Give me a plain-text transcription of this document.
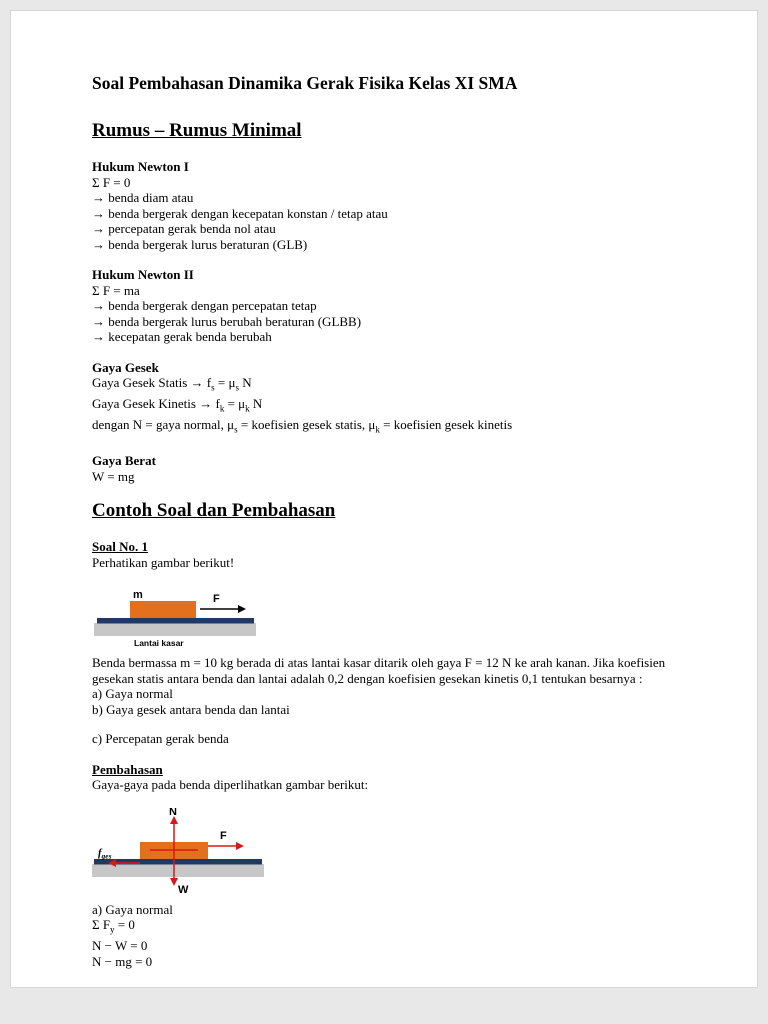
Soal Pembahasan Dinamika Gerak Fisika Kelas XI SMA
Rumus – Rumus Minimal

Hukum Newton I

Σ F = 0

→ benda diam atau

→ benda bergerak dengan kecepatan konstan / tetap atau

→ percepatan gerak benda nol atau

→ benda bergerak lurus beraturan (GLB)

Hukum Newton II

Σ F = ma

→ benda bergerak dengan percepatan tetap

→ benda bergerak lurus berubah beraturan (GLBB)

→ kecepatan gerak benda berubah

Gaya Gesek

Gaya Gesek Statis → $f_s = \mu_s$ N

Gaya Gesek Kinetis → $f_k = \mu_k$ N

dengan N = gaya normal, $\mu_s$ = koefisien gesek statis, $\mu_k$ = koefisien gesek kinetis

Gaya Berat

W = mg

Contoh Soal dan Pembahasan

Soal No. 1

Perhatikan gambar berikut!

m	F
Lantai kasar

Benda bermassa m = 10 kg berada di atas lantai kasar ditarik oleh gaya F = 12 N ke arah kanan. Jika koefisien gesekan statis antara benda dan lantai adalah 0,2 dengan koefisien gesekan kinetis 0,1 tentukan besarnya :

a) Gaya normal

b) Gaya gesek antara benda dan lantai

c) Percepatan gerak benda

Pembahasan

Gaya-gaya pada benda diperlihatkan gambar berikut:

N
F
W
$f_{ges}$

a) Gaya normal

Σ $F_y = 0$

N − W = 0

N − mg = 0
